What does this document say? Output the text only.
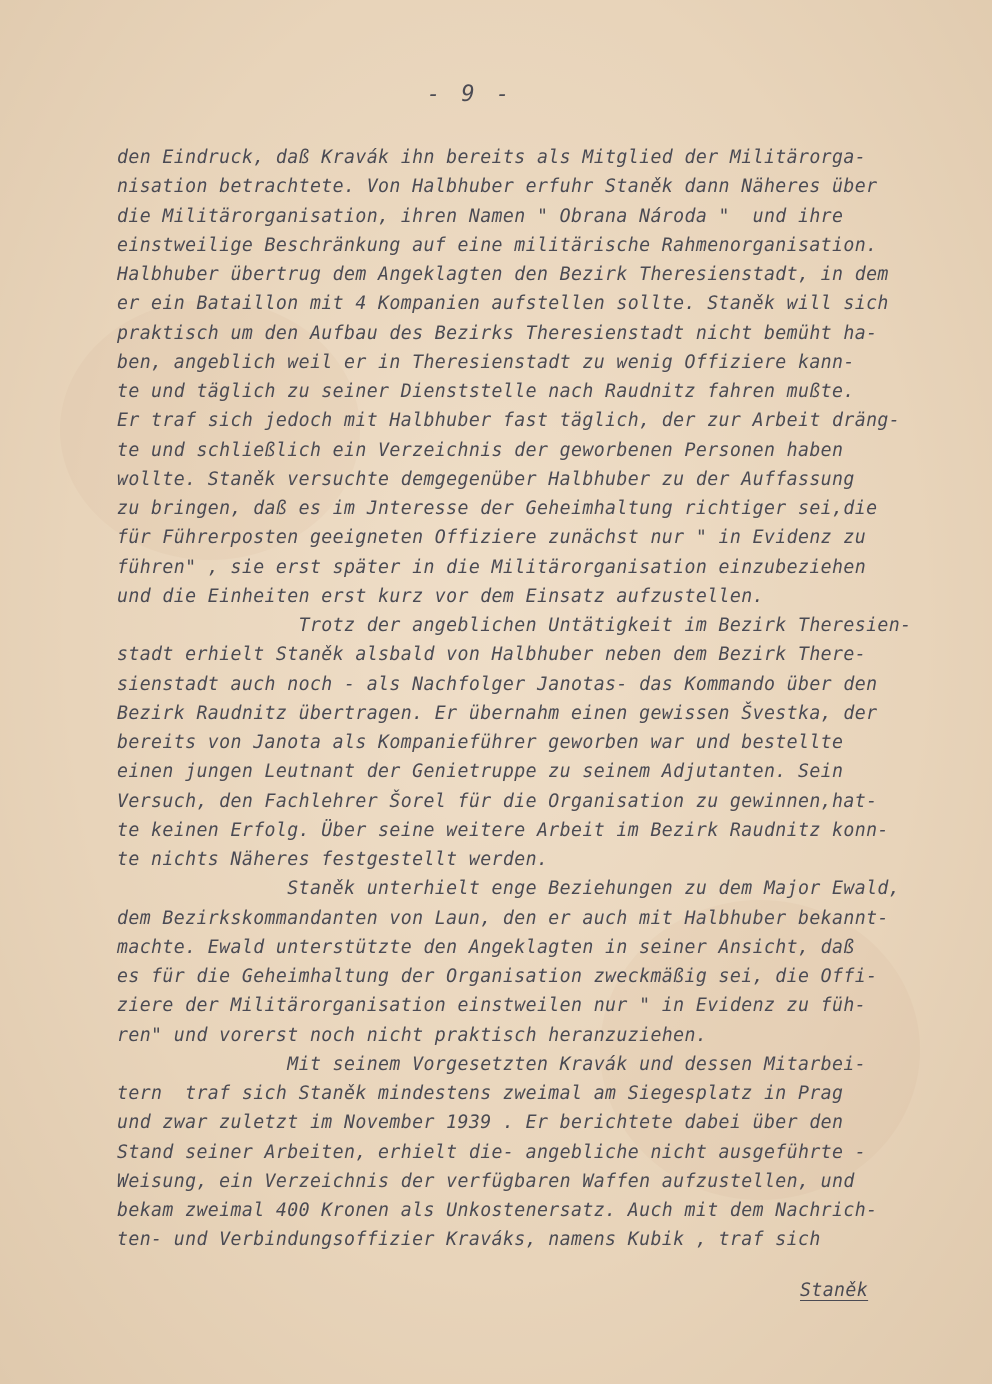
- 9 -
den Eindruck, daß Kravák ihn bereits als Mitglied der Militärorga-
nisation betrachtete. Von Halbhuber erfuhr Staněk dann Näheres über
die Militärorganisation, ihren Namen " Obrana Národa "  und ihre
einstweilige Beschränkung auf eine militärische Rahmenorganisation.
Halbhuber übertrug dem Angeklagten den Bezirk Theresienstadt, in dem
er ein Bataillon mit 4 Kompanien aufstellen sollte. Staněk will sich
praktisch um den Aufbau des Bezirks Theresienstadt nicht bemüht ha-
ben, angeblich weil er in Theresienstadt zu wenig Offiziere kann-
te und täglich zu seiner Dienststelle nach Raudnitz fahren mußte.
Er traf sich jedoch mit Halbhuber fast täglich, der zur Arbeit dräng-
te und schließlich ein Verzeichnis der geworbenen Personen haben
wollte. Staněk versuchte demgegenüber Halbhuber zu der Auffassung
zu bringen, daß es im Jnteresse der Geheimhaltung richtiger sei,die
für Führerposten geeigneten Offiziere zunächst nur " in Evidenz zu
führen" , sie erst später in die Militärorganisation einzubeziehen
und die Einheiten erst kurz vor dem Einsatz aufzustellen.
Trotz der angeblichen Untätigkeit im Bezirk Theresien-
stadt erhielt Staněk alsbald von Halbhuber neben dem Bezirk There-
sienstadt auch noch - als Nachfolger Janotas- das Kommando über den
Bezirk Raudnitz übertragen. Er übernahm einen gewissen Švestka, der
bereits von Janota als Kompanieführer geworben war und bestellte
einen jungen Leutnant der Genietruppe zu seinem Adjutanten. Sein
Versuch, den Fachlehrer Šorel für die Organisation zu gewinnen,hat-
te keinen Erfolg. Über seine weitere Arbeit im Bezirk Raudnitz konn-
te nichts Näheres festgestellt werden.
Staněk unterhielt enge Beziehungen zu dem Major Ewald,
dem Bezirkskommandanten von Laun, den er auch mit Halbhuber bekannt-
machte. Ewald unterstützte den Angeklagten in seiner Ansicht, daß
es für die Geheimhaltung der Organisation zweckmäßig sei, die Offi-
ziere der Militärorganisation einstweilen nur " in Evidenz zu füh-
ren" und vorerst noch nicht praktisch heranzuziehen.
Mit seinem Vorgesetzten Kravák und dessen Mitarbei-
tern  traf sich Staněk mindestens zweimal am Siegesplatz in Prag
und zwar zuletzt im November 1939 . Er berichtete dabei über den
Stand seiner Arbeiten, erhielt die- angebliche nicht ausgeführte -
Weisung, ein Verzeichnis der verfügbaren Waffen aufzustellen, und
bekam zweimal 400 Kronen als Unkostenersatz. Auch mit dem Nachrich-
ten- und Verbindungsoffizier Kraváks, namens Kubik , traf sich
Staněk
